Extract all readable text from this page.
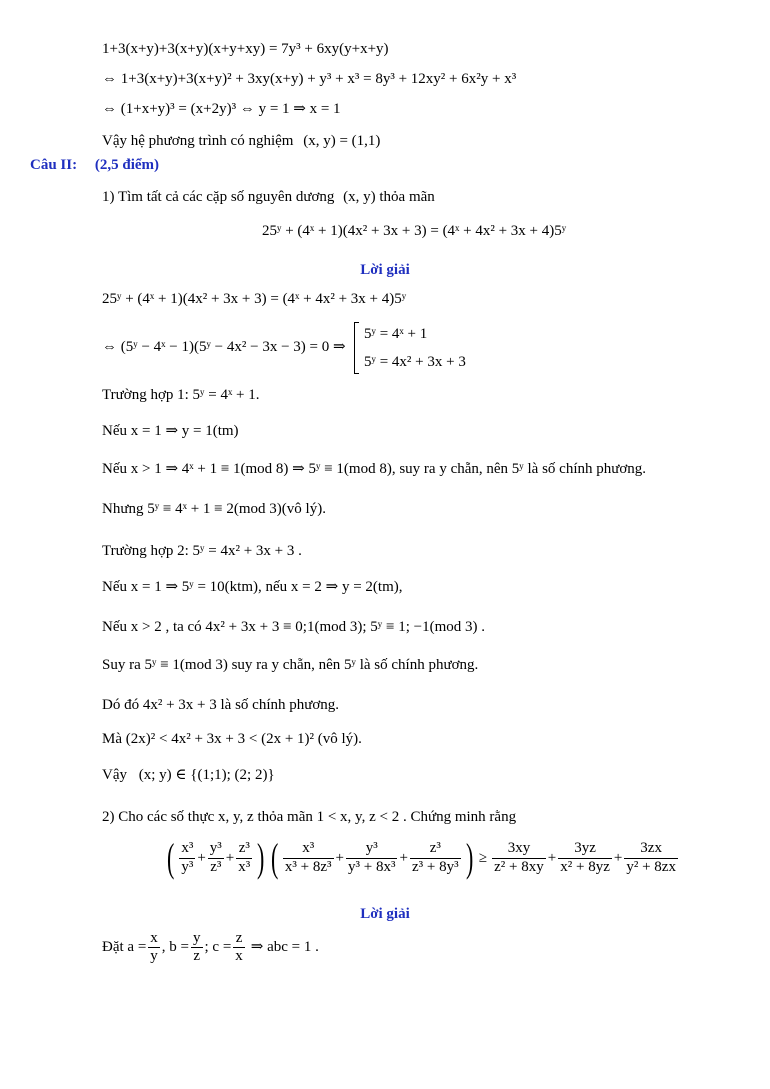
1+3(x+y)+3(x+y)(x+y+xy) = 7y³ + 6xy(y+x+y)
⇔ 1+3(x+y)+3(x+y)² + 3xy(x+y) + y³ + x³ = 8y³ + 12xy² + 6x²y + x³
⇔ (1+x+y)³ = (x+2y)³ ⇔ y = 1 ⇒ x = 1
Vậy hệ phương trình có nghiệm (x, y) = (1,1)
Câu II: (2,5 điểm)
1) Tìm tất cả các cặp số nguyên dương (x, y) thỏa mãn
25ʸ + (4ˣ + 1)(4x² + 3x + 3) = (4ˣ + 4x² + 3x + 4)5ʸ
Lời giải
25ʸ + (4ˣ + 1)(4x² + 3x + 3) = (4ˣ + 4x² + 3x + 4)5ʸ
⇔ (5ʸ − 4ˣ − 1)(5ʸ − 4x² − 3x − 3) = 0 ⇒
5ʸ = 4ˣ + 1
5ʸ = 4x² + 3x + 3
Trường hợp 1: 5ʸ = 4ˣ + 1.
Nếu x = 1 ⇒ y = 1(tm)
Nếu x > 1 ⇒ 4ˣ + 1 ≡ 1(mod 8) ⇒ 5ʸ ≡ 1(mod 8), suy ra y chẵn, nên 5ʸ là số chính phương.
Nhưng 5ʸ ≡ 4ˣ + 1 ≡ 2(mod 3)(vô lý).
Trường hợp 2: 5ʸ = 4x² + 3x + 3 .
Nếu x = 1 ⇒ 5ʸ = 10(ktm), nếu x = 2 ⇒ y = 2(tm),
Nếu x > 2 , ta có 4x² + 3x + 3 ≡ 0;1(mod 3); 5ʸ ≡ 1; −1(mod 3) .
Suy ra 5ʸ ≡ 1(mod 3) suy ra y chẵn, nên 5ʸ là số chính phương.
Dó đó 4x² + 3x + 3 là số chính phương.
Mà (2x)² < 4x² + 3x + 3 < (2x + 1)² (vô lý).
Vậy (x; y) ∈ {(1;1); (2; 2)}
2) Cho các số thực x, y, z thỏa mãn 1 < x, y, z < 2 . Chứng minh rằng
( $\frac{\text{x³}}{\text{y³}} + \frac{\text{y³}}{\text{z³}} + \frac{\text{z³}}{\text{x³}}$ ) ( $\frac{\text{x³}}{\text{x³ + 8z³}} + \frac{\text{y³}}{\text{y³ + 8x³}} + \frac{\text{z³}}{\text{z³ + 8y³}}$ ) ≥ $\frac{3xy}{\text{z² + 8xy}} + \frac{3yz}{\text{x² + 8yz}} + \frac{3zx}{\text{y² + 8zx}}$
Lời giải
Đặt $a = \frac{x}{y}$ , $b = \frac{y}{z}$ ; $c = \frac{z}{x}$ ⇒ abc = 1 .
